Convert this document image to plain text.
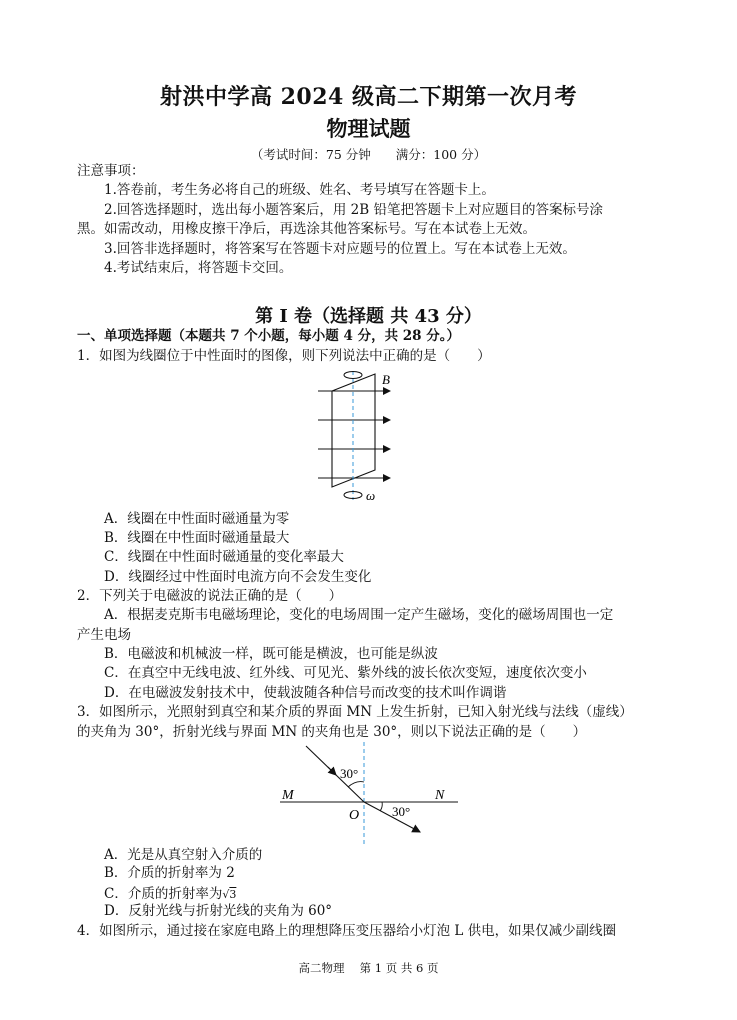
射洪中学高 2024 级高二下期第一次月考
物理试题
（考试时间：75 分钟　　满分：100 分）
注意事项：
1.答卷前，考生务必将自己的班级、姓名、考号填写在答题卡上。
2.回答选择题时，选出每小题答案后，用 2B 铅笔把答题卡上对应题目的答案标号涂
黑。如需改动，用橡皮擦干净后，再选涂其他答案标号。写在本试卷上无效。
3.回答非选择题时，将答案写在答题卡对应题号的位置上。写在本试卷上无效。
4.考试结束后，将答题卡交回。
第 I 卷（选择题 共 43 分）
一、单项选择题（本题共 7 个小题，每小题 4 分，共 28 分。）
1．如图为线圈位于中性面时的图像，则下列说法中正确的是（　　）
B
ω
A．线圈在中性面时磁通量为零
B．线圈在中性面时磁通量最大
C．线圈在中性面时磁通量的变化率最大
D．线圈经过中性面时电流方向不会发生变化
2．下列关于电磁波的说法正确的是（　　）
A．根据麦克斯韦电磁场理论，变化的电场周围一定产生磁场，变化的磁场周围也一定
产生电场
B．电磁波和机械波一样，既可能是横波，也可能是纵波
C．在真空中无线电波、红外线、可见光、紫外线的波长依次变短，速度依次变小
D．在电磁波发射技术中，使载波随各种信号而改变的技术叫作调谐
3．如图所示，光照射到真空和某介质的界面 MN 上发生折射，已知入射光线与法线（虚线）
的夹角为 30°，折射光线与界面 MN 的夹角也是 30°，则以下说法正确的是（　　）
30°
30°
M	N
O
A．光是从真空射入介质的
B．介质的折射率为 2
C．介质的折射率为√3
D．反射光线与折射光线的夹角为 60°
4．如图所示，通过接在家庭电路上的理想降压变压器给小灯泡 L 供电，如果仅减少副线圈
高二物理　 第 1 页 共 6 页
